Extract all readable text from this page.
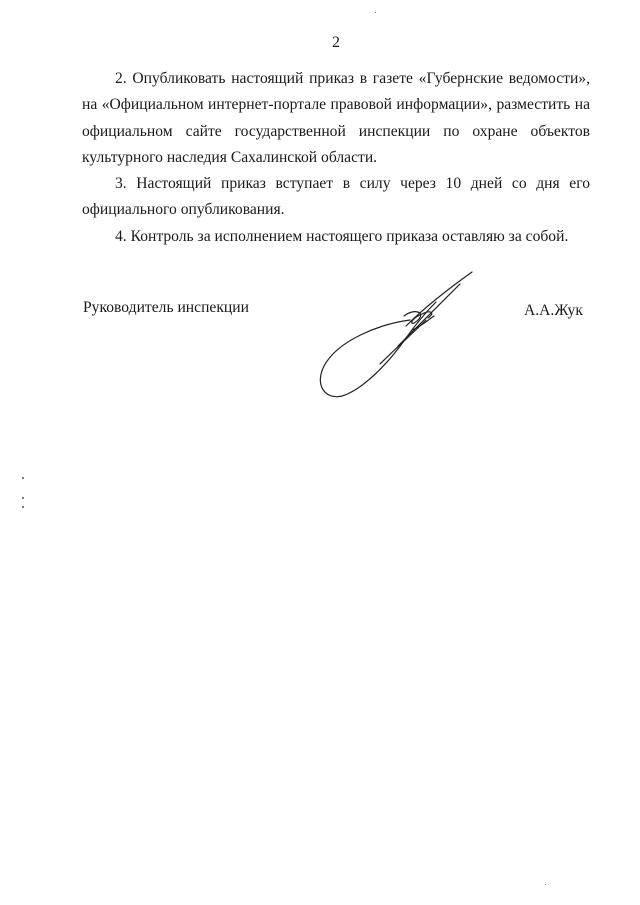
2

2. Опубликовать настоящий приказ в газете «Губернские ведомости», на «Официальном интернет-портале правовой информации», разместить на официальном сайте государственной инспекции по охране объектов культурного наследия Сахалинской области.

3. Настоящий приказ вступает в силу через 10 дней со дня его официального опубликования.

4. Контроль за исполнением настоящего приказа оставляю за собой.

Руководитель инспекции	А.А.Жук
